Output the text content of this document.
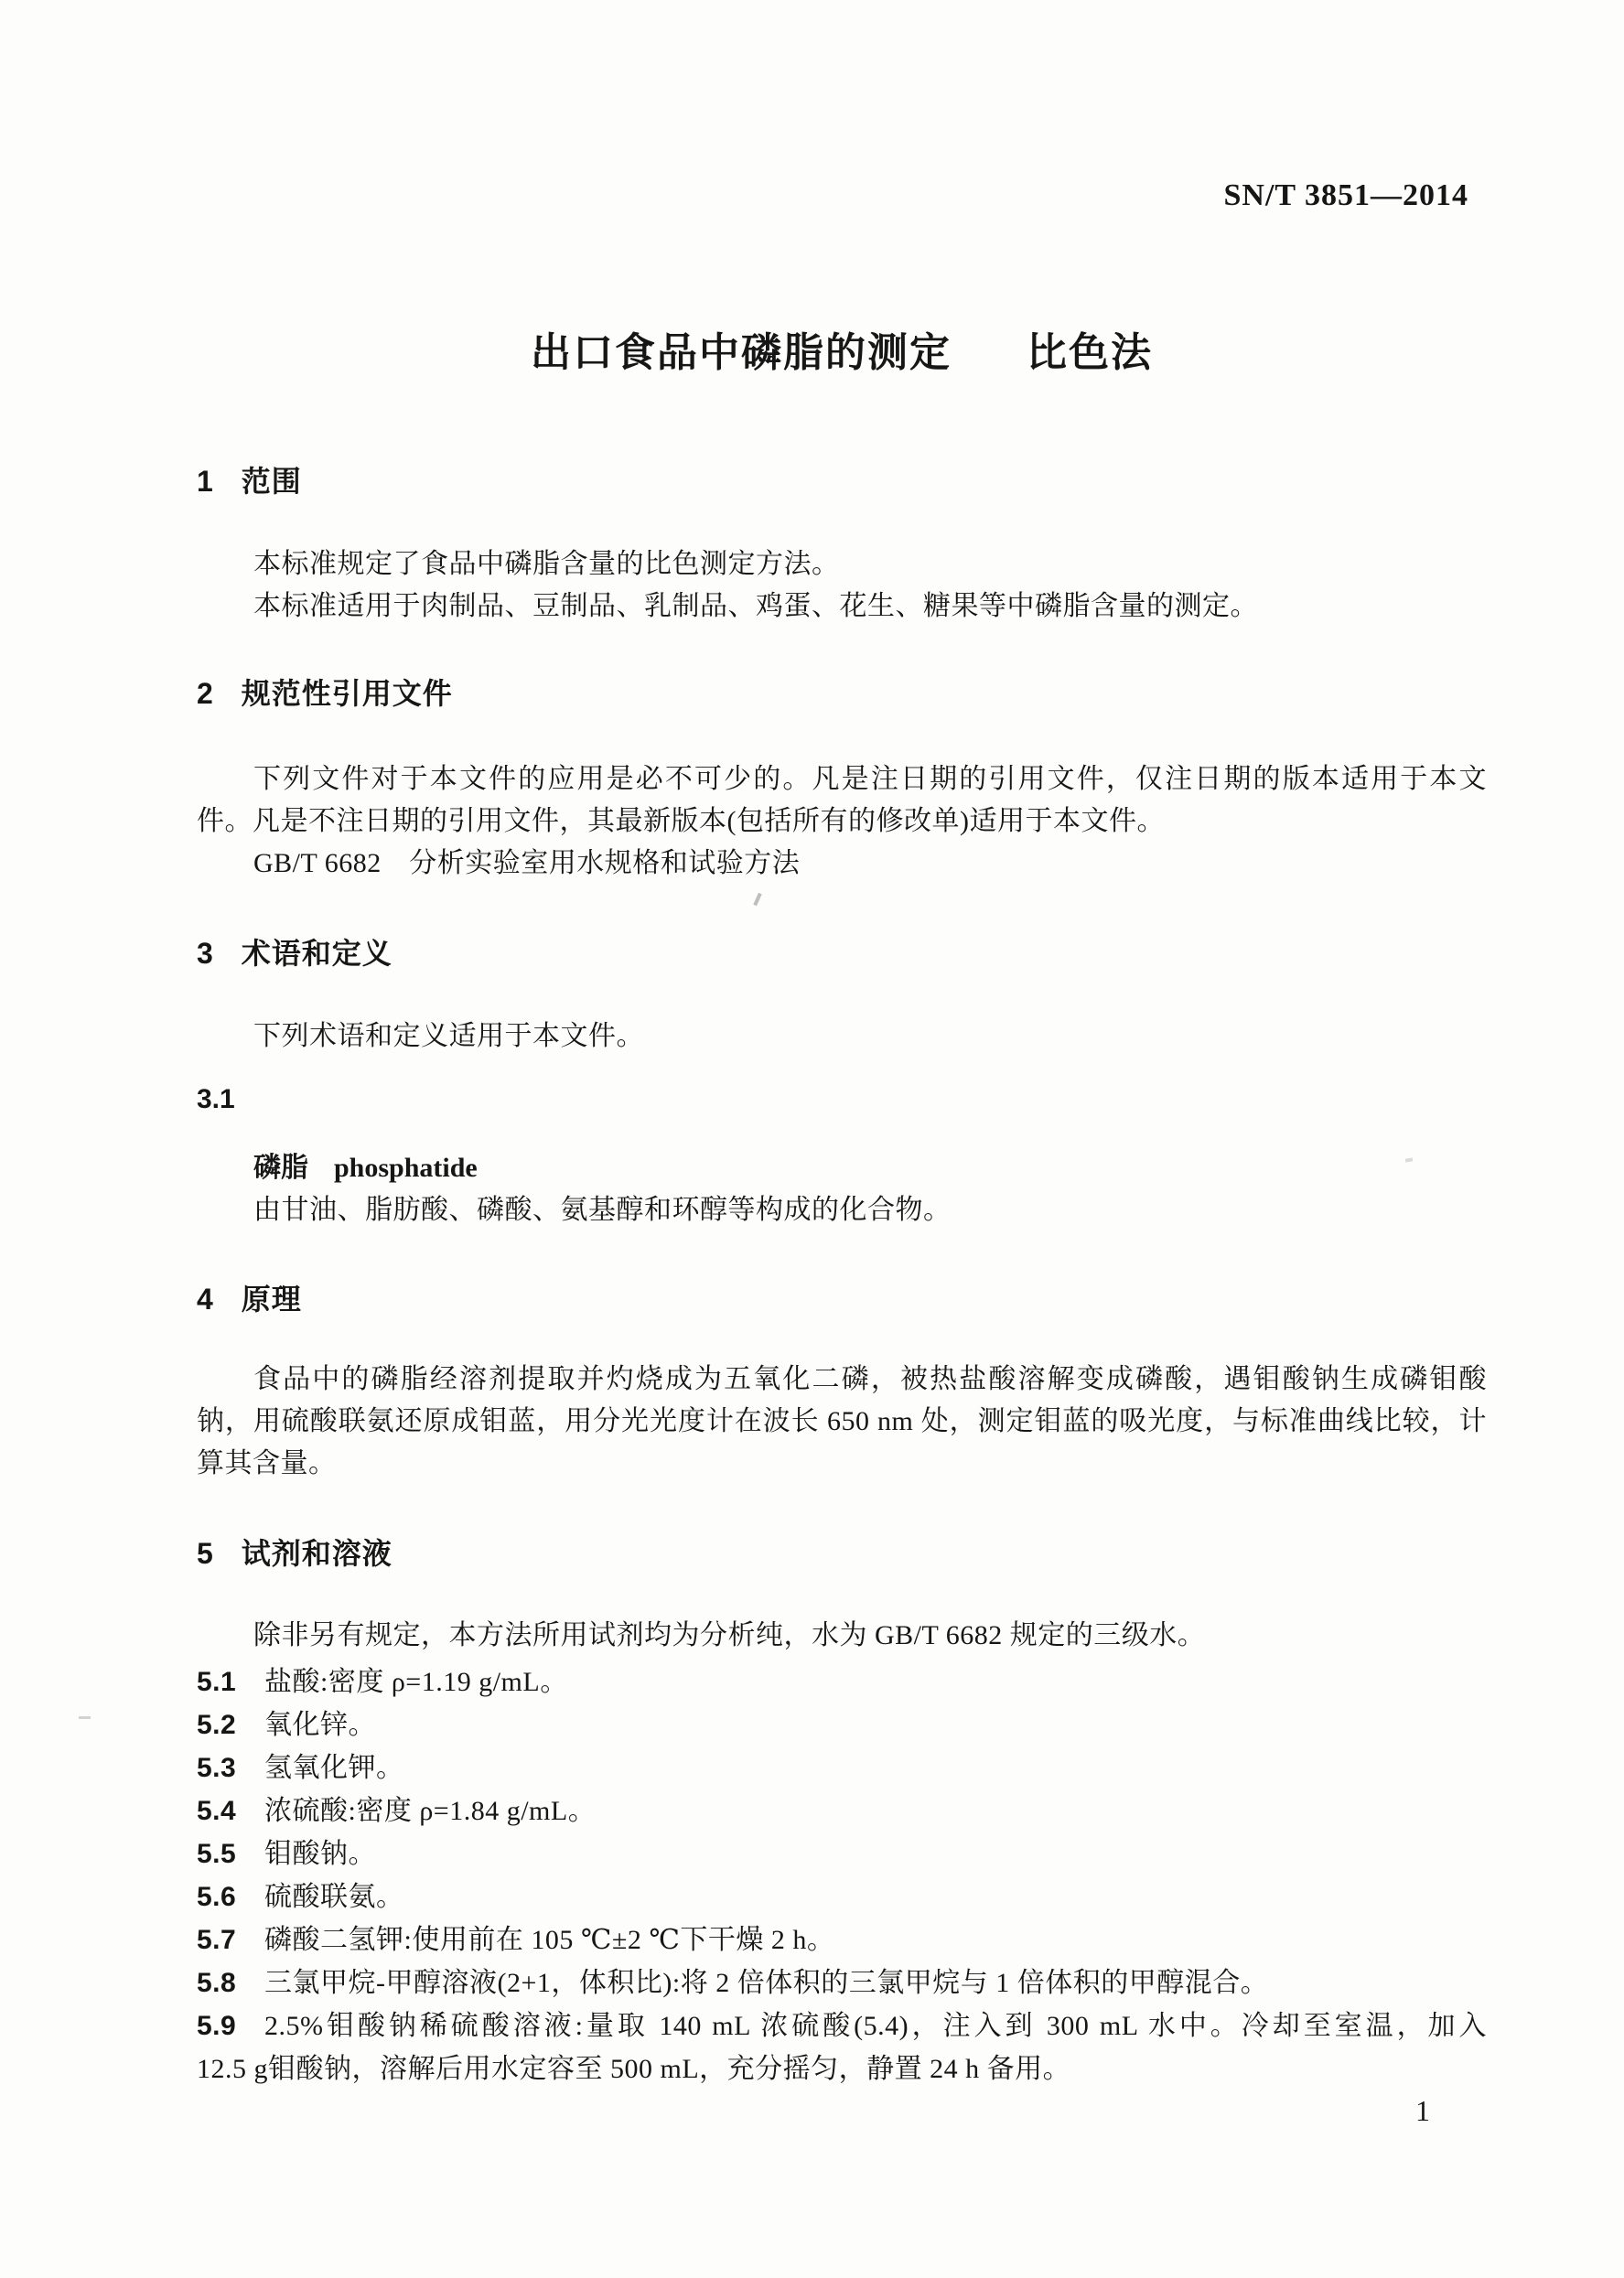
SN/T 3851—2014
出口食品中磷脂的测定 比色法
1 范围
本标准规定了食品中磷脂含量的比色测定方法。
本标准适用于肉制品、豆制品、乳制品、鸡蛋、花生、糖果等中磷脂含量的测定。
2 规范性引用文件
下列文件对于本文件的应用是必不可少的。凡是注日期的引用文件，仅注日期的版本适用于本文
件。凡是不注日期的引用文件，其最新版本(包括所有的修改单)适用于本文件。
GB/T 6682　分析实验室用水规格和试验方法
3 术语和定义
下列术语和定义适用于本文件。
3.1
磷脂 phosphatide
由甘油、脂肪酸、磷酸、氨基醇和环醇等构成的化合物。
4 原理
食品中的磷脂经溶剂提取并灼烧成为五氧化二磷，被热盐酸溶解变成磷酸，遇钼酸钠生成磷钼酸
钠，用硫酸联氨还原成钼蓝，用分光光度计在波长 650 nm 处，测定钼蓝的吸光度，与标准曲线比较，计
算其含量。
5 试剂和溶液
除非另有规定，本方法所用试剂均为分析纯，水为 GB/T 6682 规定的三级水。
5.1	盐酸:密度 ρ=1.19 g/mL。
5.2	氧化锌。
5.3	氢氧化钾。
5.4	浓硫酸:密度 ρ=1.84 g/mL。
5.5	钼酸钠。
5.6	硫酸联氨。
5.7	磷酸二氢钾:使用前在 105 ℃±2 ℃下干燥 2 h。
5.8	三氯甲烷-甲醇溶液(2+1，体积比):将 2 倍体积的三氯甲烷与 1 倍体积的甲醇混合。
5.9	2.5%钼酸钠稀硫酸溶液:量取 140 mL 浓硫酸(5.4)，注入到 300 mL 水中。冷却至室温，加入
12.5 g钼酸钠，溶解后用水定容至 500 mL，充分摇匀，静置 24 h 备用。
1
